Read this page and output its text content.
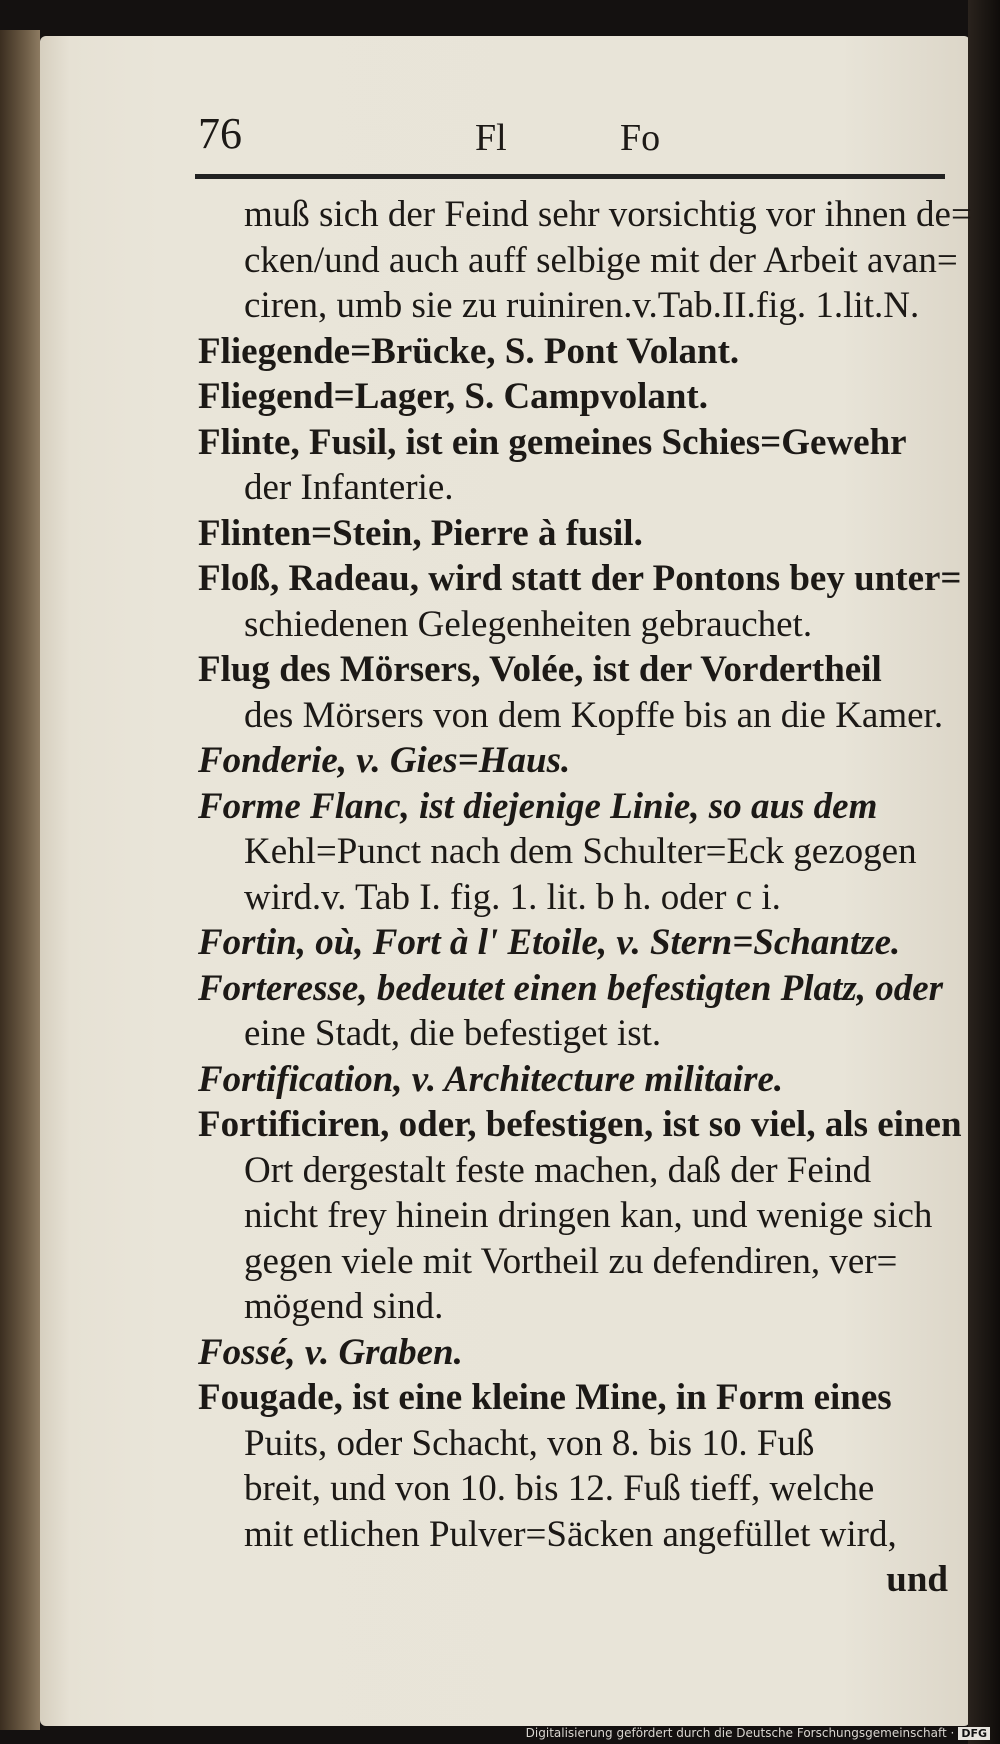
76	Fl	Fo
muß sich der Feind sehr vorsichtig vor ihnen de=
cken/und auch auff selbige mit der Arbeit avan=
ciren, umb sie zu ruiniren.v.Tab.II.fig. 1.lit.N.
Fliegende=Brücke, S. Pont Volant.
Fliegend=Lager, S. Campvolant.
Flinte, Fusil, ist ein gemeines Schies=Gewehr
der Infanterie.
Flinten=Stein, Pierre à fusil.
Floß, Radeau, wird statt der Pontons bey unter=
schiedenen Gelegenheiten gebrauchet.
Flug des Mörsers, Volée, ist der Vordertheil
des Mörsers von dem Kopffe bis an die Kamer.
Fonderie, v. Gies=Haus.
Forme Flanc, ist diejenige Linie, so aus dem
Kehl=Punct nach dem Schulter=Eck gezogen
wird.v. Tab I. fig. 1. lit. b h. oder c i.
Fortin, où, Fort à l' Etoile, v. Stern=Schantze.
Forteresse, bedeutet einen befestigten Platz, oder
eine Stadt, die befestiget ist.
Fortification, v. Architecture militaire.
Fortificiren, oder, befestigen, ist so viel, als einen
Ort dergestalt feste machen, daß der Feind
nicht frey hinein dringen kan, und wenige sich
gegen viele mit Vortheil zu defendiren, ver=
mögend sind.
Fossé, v. Graben.
Fougade, ist eine kleine Mine, in Form eines
Puits, oder Schacht, von 8. bis 10. Fuß
breit, und von 10. bis 12. Fuß tieff, welche
mit etlichen Pulver=Säcken angefüllet wird,
und
Digitalisierung gefördert durch die Deutsche Forschungsgemeinschaft · DFG
